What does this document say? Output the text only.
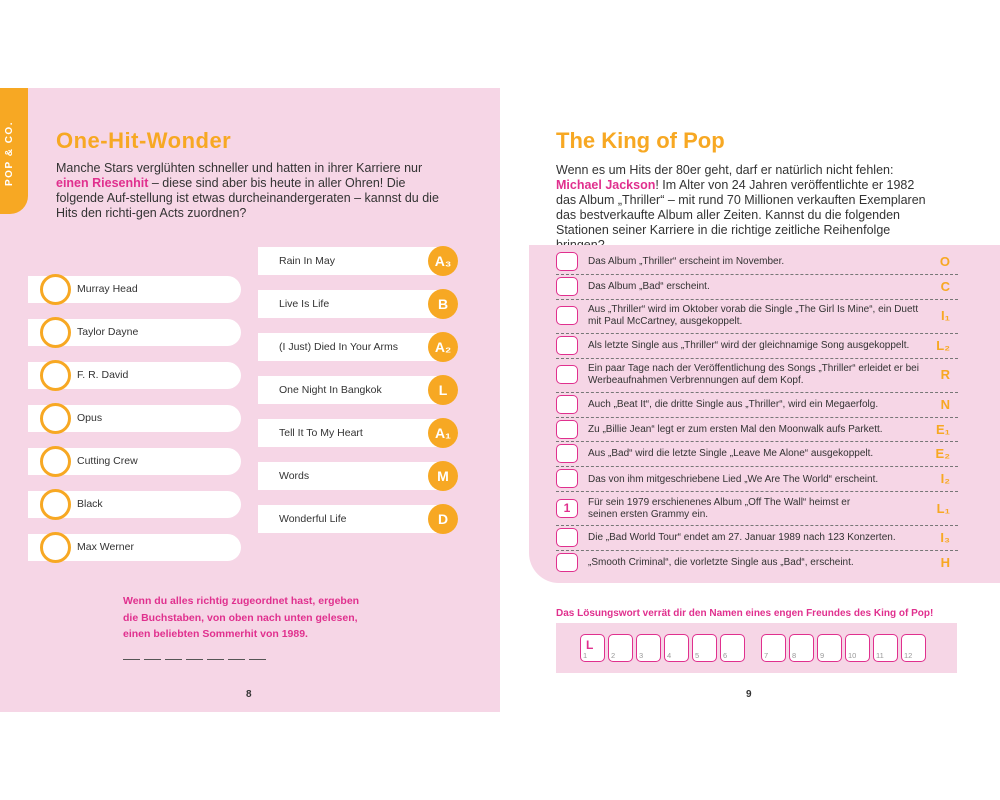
POP & CO. One-Hit-Wonder
Manche Stars verglühten schneller und hatten in ihrer Karriere nur einen Riesenhit – diese sind aber bis heute in aller Ohren! Die folgende Auf-stellung ist etwas durcheinandergeraten – kannst du die Hits den richti-gen Acts zuordnen?
Murray Head
Taylor Dayne
F. R. David
Opus
Cutting Crew
Black
Max Werner
Rain In May	A₃
Live Is Life	B
(I Just) Died In Your Arms	A₂
One Night In Bangkok	L
Tell It To My Heart	A₁
Words	M
Wonderful Life	D
Wenn du alles richtig zugeordnet hast, ergeben die Buchstaben, von oben nach unten gelesen, einen beliebten Sommerhit von 1989.
8
The King of Pop
Wenn es um Hits der 80er geht, darf er natürlich nicht fehlen: Michael Jackson! Im Alter von 24 Jahren veröffentlichte er 1982 das Album „Thriller“ – mit rund 70 Millionen verkauften Exemplaren das bestverkaufte Album aller Zeiten. Kannst du die folgenden Stationen seiner Karriere in die richtige zeitliche Reihenfolge
Das Album „Thriller“ erscheint im November.	O
Das Album „Bad“ erscheint.	C
Aus „Thriller“ wird im Oktober vorab die Single „The Girl Is Mine“, ein Duett mit Paul McCartney, ausgekoppelt.	I₁
Als letzte Single aus „Thriller“ wird der gleichnamige Song ausgekoppelt.	L₂
Ein paar Tage nach der Veröffentlichung des Songs „Thriller“ erleidet er bei Werbeaufnahmen Verbrennungen auf dem Kopf.	R
Auch „Beat It“, die dritte Single aus „Thriller“, wird ein Megaerfolg.	N
Zu „Billie Jean“ legt er zum ersten Mal den Moonwalk aufs Parkett.	E₁
Aus „Bad“ wird die letzte Single „Leave Me Alone“ ausgekoppelt.	E₂
Das von ihm mitgeschriebene Lied „We Are The World“ erscheint.	I₂
1	Für sein 1979 erschienenes Album „Off The Wall“ heimst er seinen ersten Grammy ein.	L₁
Die „Bad World Tour“ endet am 27. Januar 1989 nach 123 Konzerten.	I₃
„Smooth Criminal“, die vorletzte Single aus „Bad“, erscheint.	H
Das Lösungswort verrät dir den Namen eines engen Freundes des King of Pop!
L
1	2	3	4	5	6	7	8	9	10	11	12
9
